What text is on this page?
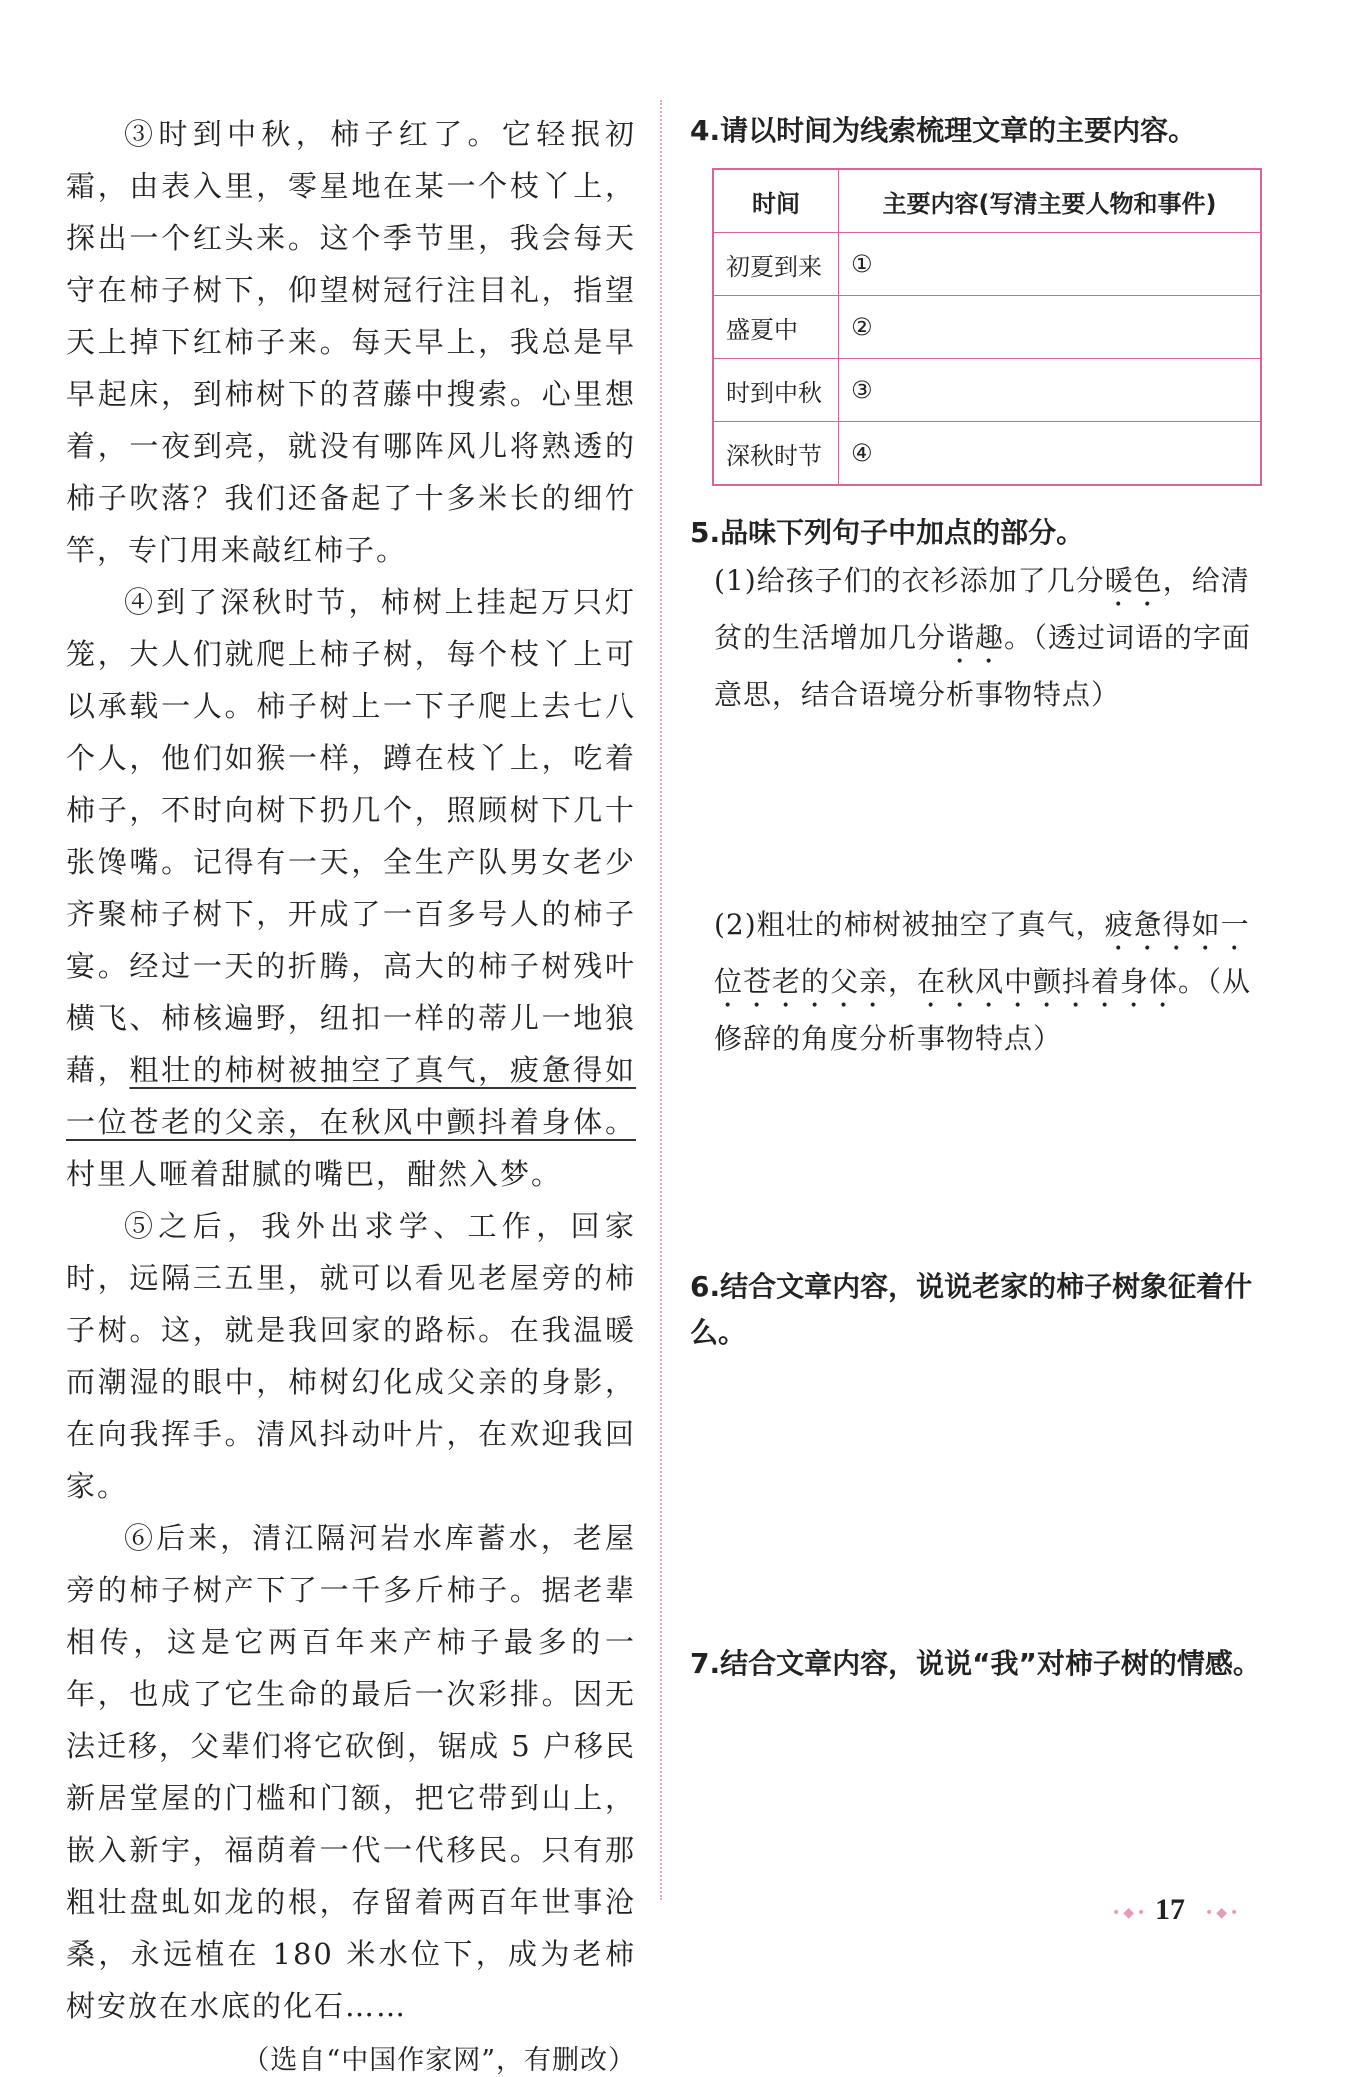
③时到中秋，柿子红了。它轻抿初霜，由表入里，零星地在某一个枝丫上，探出一个红头来。这个季节里，我会每天守在柿子树下，仰望树冠行注目礼，指望天上掉下红柿子来。每天早上，我总是早早起床，到柿树下的苕藤中搜索。心里想着，一夜到亮，就没有哪阵风儿将熟透的柿子吹落？我们还备起了十多米长的细竹竿，专门用来敲红柿子。

④到了深秋时节，柿树上挂起万只灯笼，大人们就爬上柿子树，每个枝丫上可以承载一人。柿子树上一下子爬上去七八个人，他们如猴一样，蹲在枝丫上，吃着柿子，不时向树下扔几个，照顾树下几十张馋嘴。记得有一天，全生产队男女老少齐聚柿子树下，开成了一百多号人的柿子宴。经过一天的折腾，高大的柿子树残叶横飞、柿核遍野，纽扣一样的蒂儿一地狼藉，粗壮的柿树被抽空了真气，疲惫得如一位苍老的父亲，在秋风中颤抖着身体。村里人咂着甜腻的嘴巴，酣然入梦。

⑤之后，我外出求学、工作，回家时，远隔三五里，就可以看见老屋旁的柿子树。这，就是我回家的路标。在我温暖而潮湿的眼中，柿树幻化成父亲的身影，在向我挥手。清风抖动叶片，在欢迎我回家。

⑥后来，清江隔河岩水库蓄水，老屋旁的柿子树产下了一千多斤柿子。据老辈相传，这是它两百年来产柿子最多的一年，也成了它生命的最后一次彩排。因无法迁移，父辈们将它砍倒，锯成 5 户移民新居堂屋的门槛和门额，把它带到山上，嵌入新宇，福荫着一代一代移民。只有那粗壮盘虬如龙的根，存留着两百年世事沧桑，永远植在 180 米水位下，成为老柿树安放在水底的化石……

（选自“中国作家网”，有删改）

4.请以时间为线索梳理文章的主要内容。

时间	主要内容(写清主要人物和事件)
初夏到来	①
盛夏中	②
时到中秋	③
深秋时节	④

5.品味下列句子中加点的部分。

(1)给孩子们的衣衫添加了几分暖色，给清贫的生活增加几分谐趣。（透过词语的字面意思，结合语境分析事物特点）

(2)粗壮的柿树被抽空了真气，疲惫得如一位苍老的父亲，在秋风中颤抖着身体。（从修辞的角度分析事物特点）

6.结合文章内容，说说老家的柿子树象征着什么。

7.结合文章内容，说说“我”对柿子树的情感。

•◆• 17 •◆•
